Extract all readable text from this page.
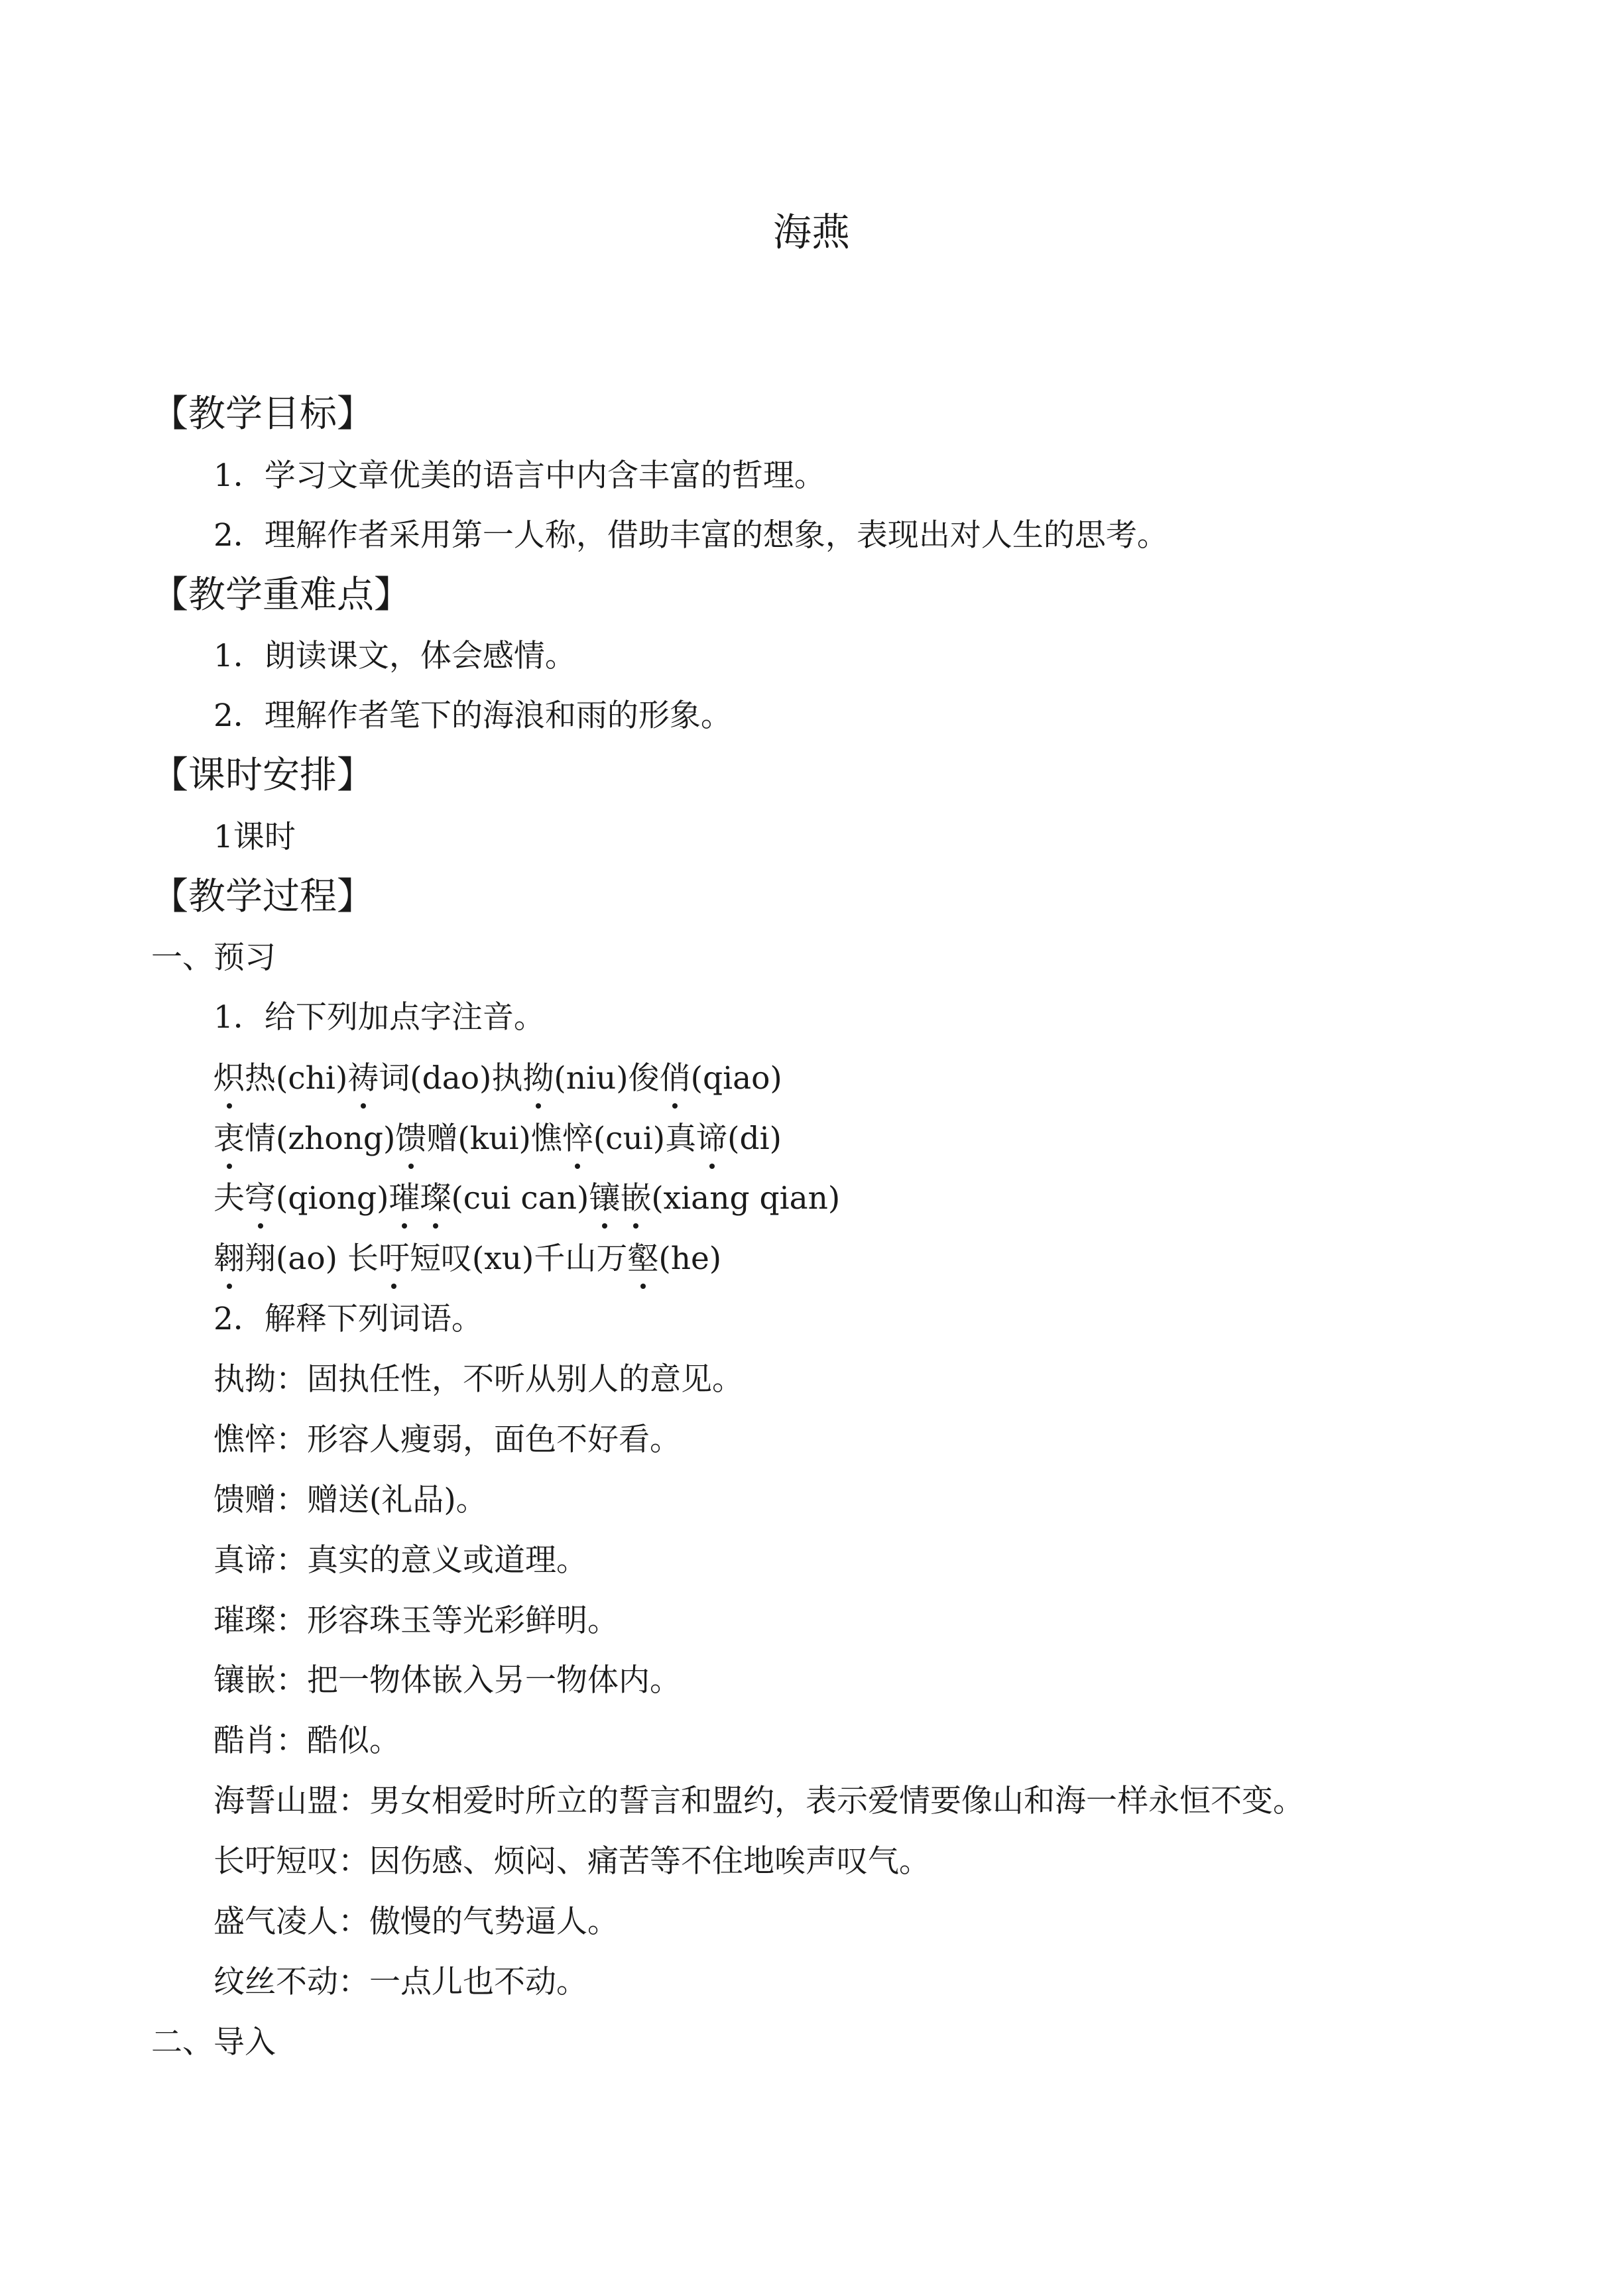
海燕
【教学目标】
1．学习文章优美的语言中内含丰富的哲理。
2．理解作者采用第一人称，借助丰富的想象，表现出对人生的思考。
【教学重难点】
1．朗读课文，体会感情。
2．理解作者笔下的海浪和雨的形象。
【课时安排】
1课时
【教学过程】
一、预习
1．给下列加点字注音。
炽热(chi)祷词(dao)执拗(niu)俊俏(qiao)
衷情(zhong)馈赠(kui)憔悴(cui)真谛(di)
夫穹(qiong)璀璨(cui can)镶嵌(xiang qian)
翱翔(ao) 长吁短叹(xu)千山万壑(he)
2．解释下列词语。
执拗：固执任性，不听从别人的意见。
憔悴：形容人瘦弱，面色不好看。
馈赠：赠送(礼品)。
真谛：真实的意义或道理。
璀璨：形容珠玉等光彩鲜明。
镶嵌：把一物体嵌入另一物体内。
酷肖：酷似。
海誓山盟：男女相爱时所立的誓言和盟约，表示爱情要像山和海一样永恒不变。
长吁短叹：因伤感、烦闷、痛苦等不住地唉声叹气。
盛气凌人：傲慢的气势逼人。
纹丝不动：一点儿也不动。
二、导入
